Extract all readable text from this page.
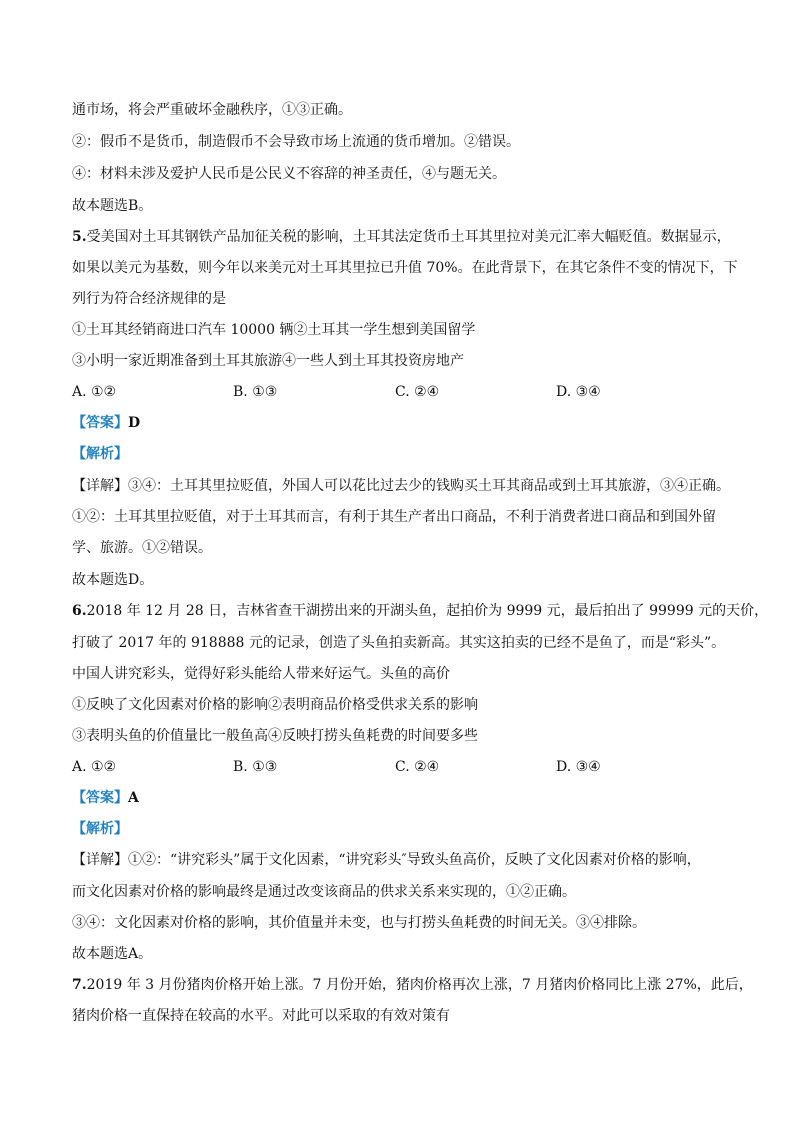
通市场，将会严重破坏金融秩序，①③正确。
②：假币不是货币，制造假币不会导致市场上流通的货币增加。②错误。
④：材料未涉及爱护人民币是公民义不容辞的神圣责任，④与题无关。
故本题选B。
5.受美国对土耳其钢铁产品加征关税的影响，土耳其法定货币土耳其里拉对美元汇率大幅贬值。数据显示，
如果以美元为基数，则今年以来美元对土耳其里拉已升值 70%。在此背景下，在其它条件不变的情况下，下
列行为符合经济规律的是
①土耳其经销商进口汽车 10000 辆②土耳其一学生想到美国留学
③小明一家近期准备到土耳其旅游④一些人到土耳其投资房地产
A. ①②	B. ①③	C. ②④	D. ③④
【答案】D
【解析】
【详解】③④：土耳其里拉贬值，外国人可以花比过去少的钱购买土耳其商品或到土耳其旅游，③④正确。
①②：土耳其里拉贬值，对于土耳其而言，有利于其生产者出口商品，不利于消费者进口商品和到国外留
学、旅游。①②错误。
故本题选D。
6.2018 年 12 月 28 日，吉林省查干湖捞出来的开湖头鱼，起拍价为 9999 元，最后拍出了 99999 元的天价，
打破了 2017 年的 918888 元的记录，创造了头鱼拍卖新高。其实这拍卖的已经不是鱼了，而是“彩头”。
中国人讲究彩头，觉得好彩头能给人带来好运气。头鱼的高价
①反映了文化因素对价格的影响②表明商品价格受供求关系的影响
③表明头鱼的价值量比一般鱼高④反映打捞头鱼耗费的时间要多些
A. ①②	B. ①③	C. ②④	D. ③④
【答案】A
【解析】
【详解】①②：“讲究彩头”属于文化因素，“讲究彩头″导致头鱼高价，反映了文化因素对价格的影响，
而文化因素对价格的影响最终是通过改变该商品的供求关系来实现的，①②正确。
③④：文化因素对价格的影响，其价值量并未变，也与打捞头鱼耗费的时间无关。③④排除。
故本题选A。
7.2019 年 3 月份猪肉价格开始上涨。7 月份开始，猪肉价格再次上涨，7 月猪肉价格同比上涨 27%，此后，
猪肉价格一直保持在较高的水平。对此可以采取的有效对策有
